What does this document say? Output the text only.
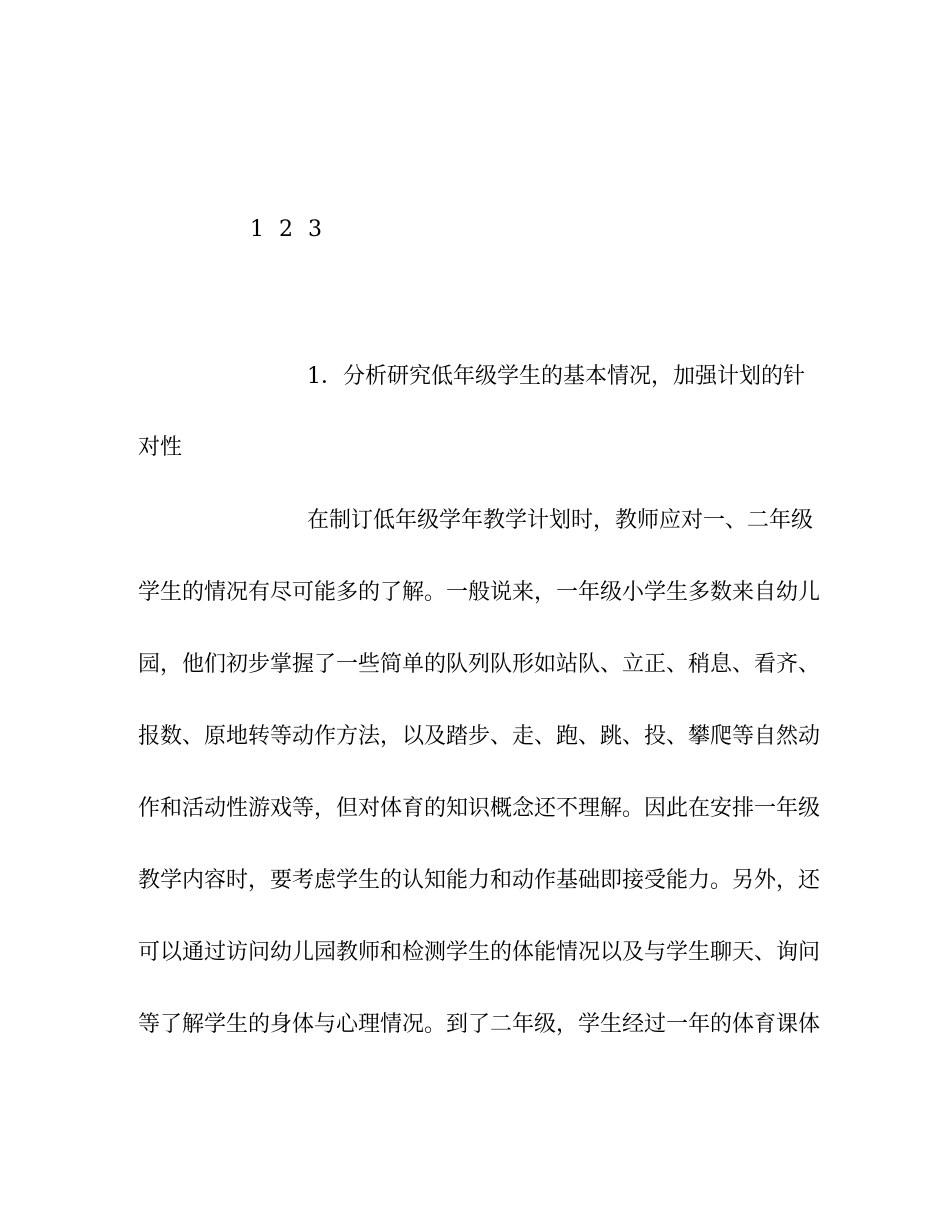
1 2 3
1．分析研究低年级学生的基本情况，加强计划的针
对性
在制订低年级学年教学计划时，教师应对一、二年级
学生的情况有尽可能多的了解。一般说来，一年级小学生多数来自幼儿
园，他们初步掌握了一些简单的队列队形如站队、立正、稍息、看齐、
报数、原地转等动作方法，以及踏步、走、跑、跳、投、攀爬等自然动
作和活动性游戏等，但对体育的知识概念还不理解。因此在安排一年级
教学内容时，要考虑学生的认知能力和动作基础即接受能力。另外，还
可以通过访问幼儿园教师和检测学生的体能情况以及与学生聊天、询问
等了解学生的身体与心理情况。到了二年级，学生经过一年的体育课体
